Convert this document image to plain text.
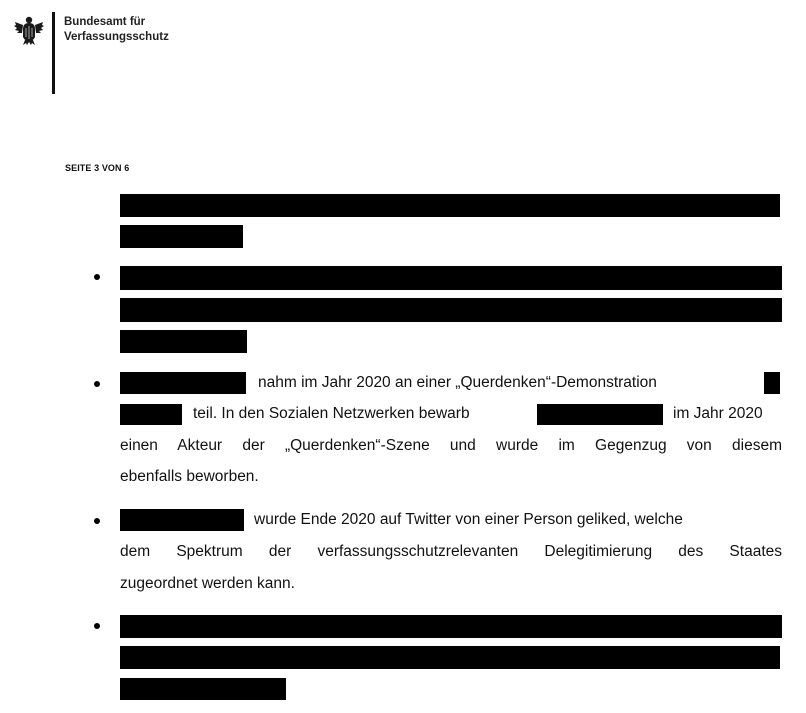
Bundesamt für
Verfassungsschutz
SEITE 3 VON 6
nahm im Jahr 2020 an einer „Querdenken“-Demonstration
teil. In den Sozialen Netzwerken bewarb	im Jahr 2020
einen Akteur der „Querdenken“-Szene und wurde im Gegenzug von diesem
ebenfalls beworben.
wurde Ende 2020 auf Twitter von einer Person geliked, welche
dem Spektrum der verfassungsschutzrelevanten Delegitimierung des Staates
zugeordnet werden kann.
